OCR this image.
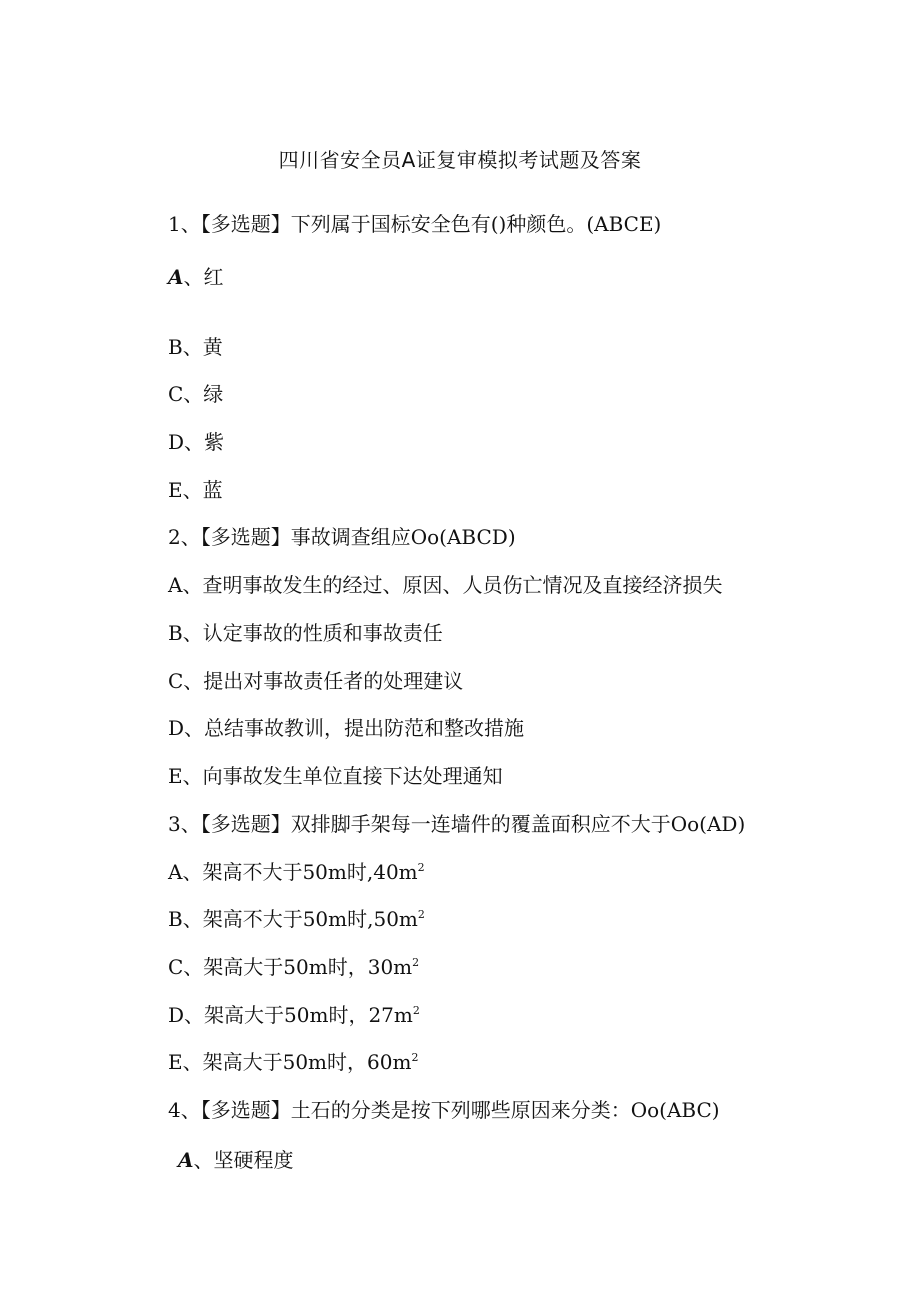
四川省安全员A证复审模拟考试题及答案
1、【多选题】下列属于国标安全色有()种颜色。(ABCE)
A、红
B、黄
C、绿
D、紫
E、蓝
2、【多选题】事故调查组应Oo(ABCD)
A、查明事故发生的经过、原因、人员伤亡情况及直接经济损失
B、认定事故的性质和事故责任
C、提出对事故责任者的处理建议
D、总结事故教训，提出防范和整改措施
E、向事故发生单位直接下达处理通知
3、【多选题】双排脚手架每一连墙件的覆盖面积应不大于Oo(AD)
A、架高不大于50m时$,40m^2$
B、架高不大于50m时$,50m^2$
C、架高大于50m时，$30m^2$
D、架高大于50m时，$27m^2$
E、架高大于50m时，$60m^2$
4、【多选题】土石的分类是按下列哪些原因来分类：Oo(ABC)
A、坚硬程度
